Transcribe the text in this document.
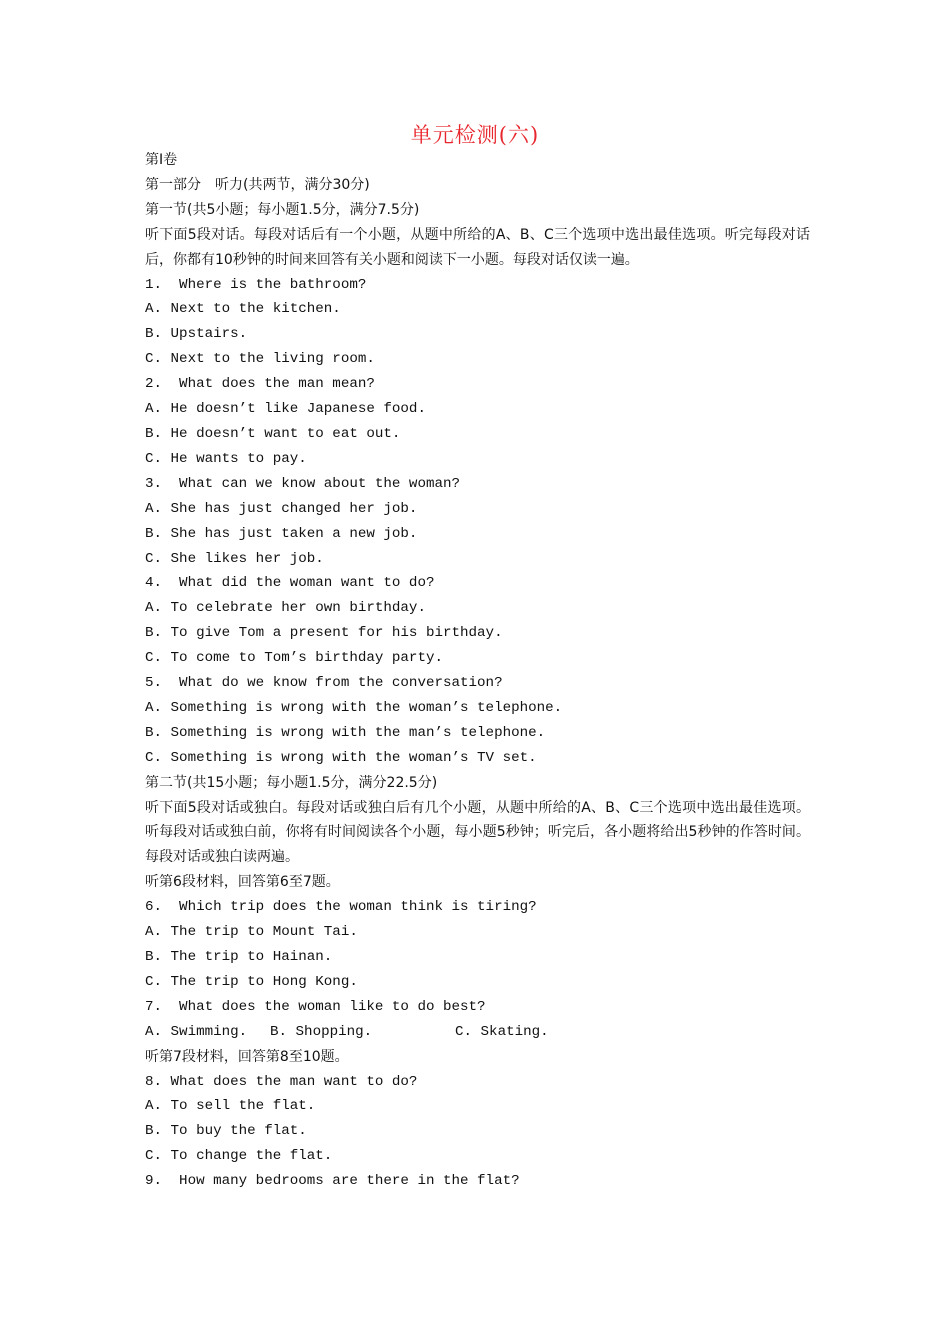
单元检测(六)
第Ⅰ卷
第一部分　听力(共两节，满分30分)
第一节(共5小题；每小题1.5分，满分7.5分)
听下面5段对话。每段对话后有一个小题，从题中所给的A、B、C三个选项中选出最佳选项。听完每段对话后，你都有10秒钟的时间来回答有关小题和阅读下一小题。每段对话仅读一遍。
1.  Where is the bathroom?
A. Next to the kitchen.
B. Upstairs.
C. Next to the living room.
2.  What does the man mean?
A. He doesn’t like Japanese food.
B. He doesn’t want to eat out.
C. He wants to pay.
3.  What can we know about the woman?
A. She has just changed her job.
B. She has just taken a new job.
C. She likes her job.
4.  What did the woman want to do?
A. To celebrate her own birthday.
B. To give Tom a present for his birthday.
C. To come to Tom’s birthday party.
5.  What do we know from the conversation?
A. Something is wrong with the woman’s telephone.
B. Something is wrong with the man’s telephone.
C. Something is wrong with the woman’s TV set.
第二节(共15小题；每小题1.5分，满分22.5分)
听下面5段对话或独白。每段对话或独白后有几个小题，从题中所给的A、B、C三个选项中选出最佳选项。听每段对话或独白前，你将有时间阅读各个小题，每小题5秒钟；听完后，各小题将给出5秒钟的作答时间。每段对话或独白读两遍。
听第6段材料，回答第6至7题。
6.  Which trip does the woman think is tiring?
A. The trip to Mount Tai.
B. The trip to Hainan.
C. The trip to Hong Kong.
7.  What does the woman like to do best?
A. Swimming.	B. Shopping.	C. Skating.
听第7段材料，回答第8至10题。
8. What does the man want to do?
A. To sell the flat.
B. To buy the flat.
C. To change the flat.
9.  How many bedrooms are there in the flat?
